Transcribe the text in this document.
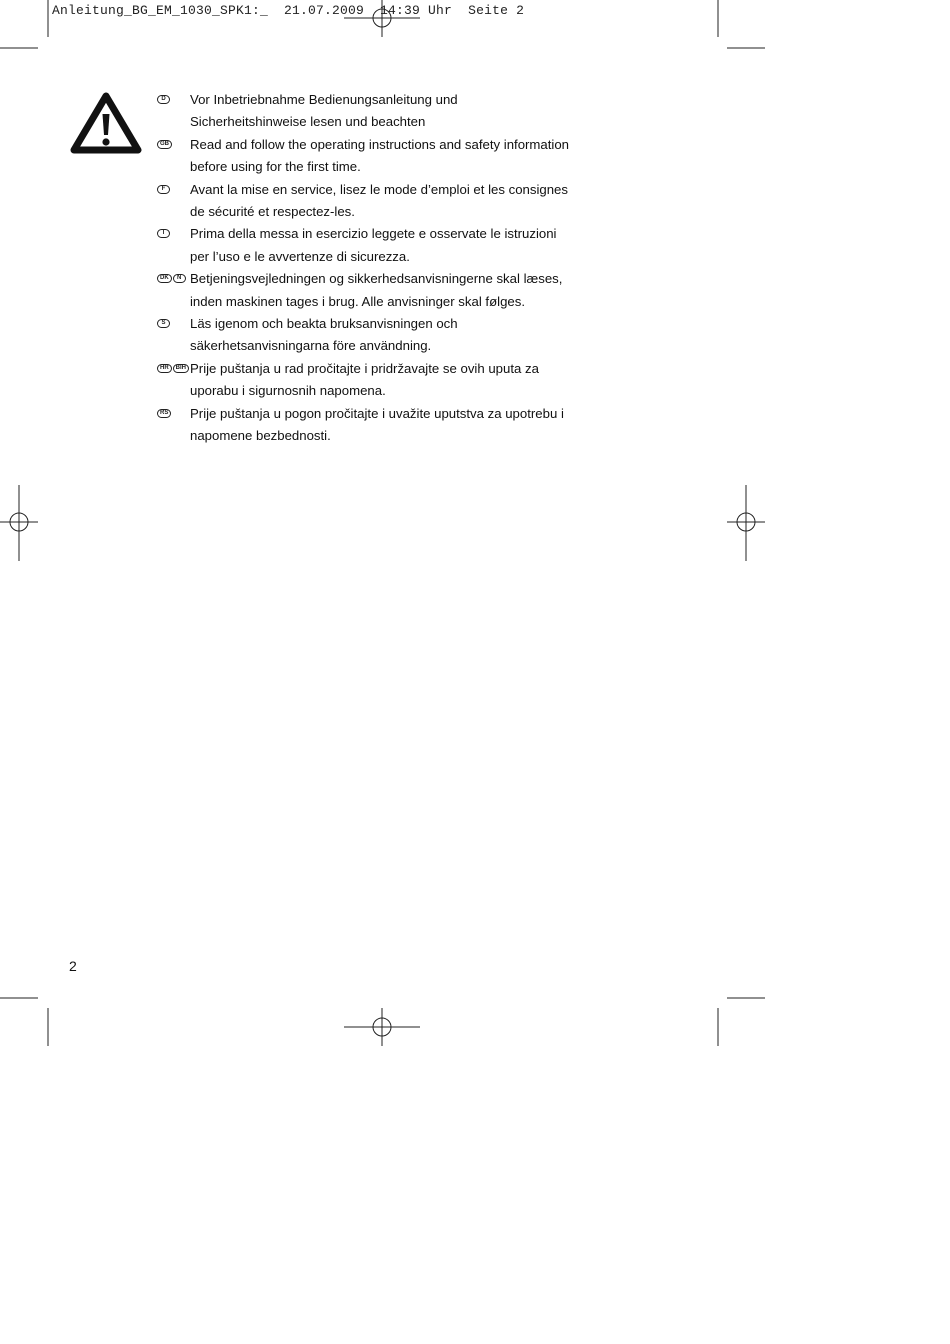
Anleitung_BG_EM_1030_SPK1:_  21.07.2009  14:39 Uhr  Seite 2
D	Vor Inbetriebnahme Bedienungsanleitung und
Sicherheitshinweise lesen und beachten
GB Read and follow the operating instructions and safety information
before using for the first time.
F	Avant la mise en service, lisez le mode d’emploi et les consignes
de sécurité et respectez-les.
I	Prima della messa in esercizio leggete e osservate le istruzioni
per l’uso e le avvertenze di sicurezza.
DK	N Betjeningsvejledningen og sikkerhedsanvisningerne skal læses,
inden maskinen tages i brug. Alle anvisninger skal følges.
S	Läs igenom och beakta bruksanvisningen och
säkerhetsanvisningarna före användning.
HR	BIH Prije puštanja u rad pročitajte i pridržavajte se ovih uputa za
uporabu i sigurnosnih napomena.
RS Prije puštanja u pogon pročitajte i uvažite uputstva za upotrebu i
napomene bezbednosti.
2
